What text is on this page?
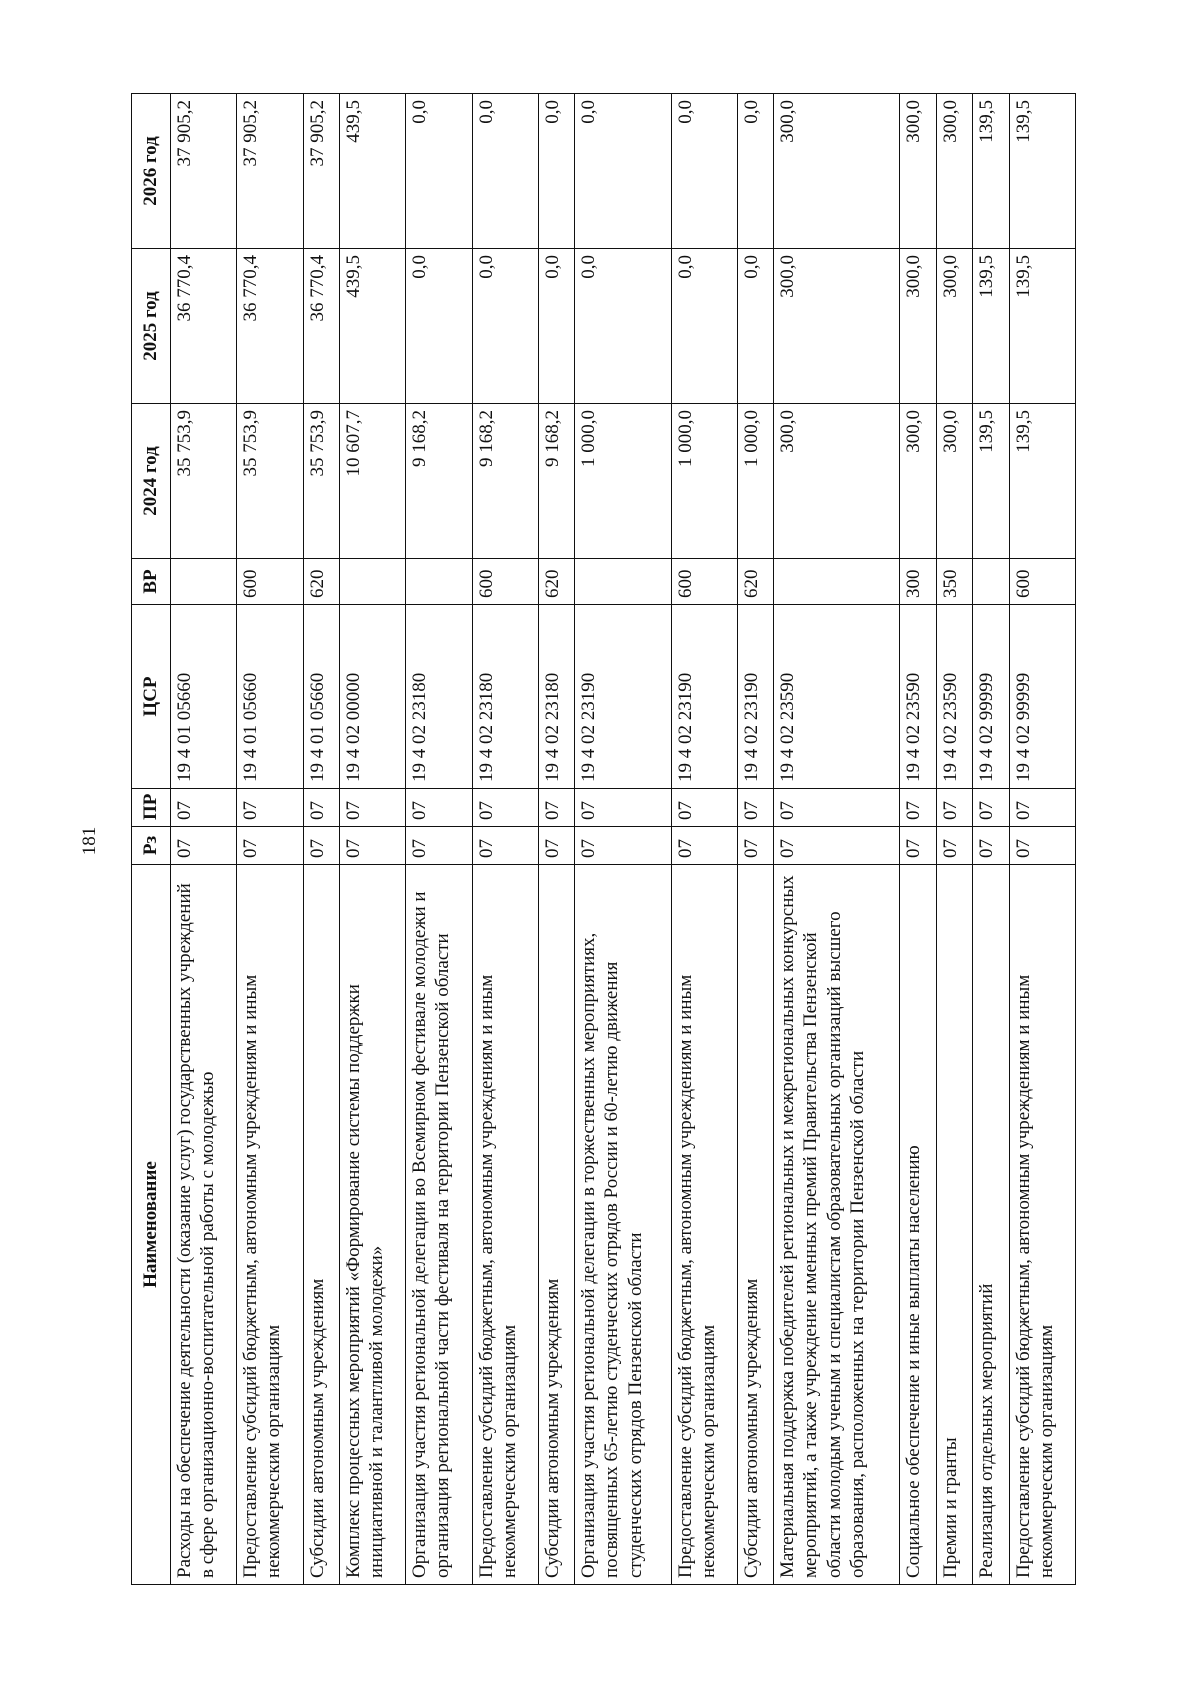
181
Наименование	Рз	ПР	ЦСР	ВР	2024 год	2025 год	2026 год
Расходы на обеспечение деятельности (оказание услуг) государственных учреждений в сфере организационно-воспитательной работы с молодежью	07	07	19 4 01 05660		35 753,9	36 770,4	37 905,2
Предоставление субсидий бюджетным, автономным учреждениям и иным некоммерческим организациям	07	07	19 4 01 05660	600	35 753,9	36 770,4	37 905,2
Субсидии автономным учреждениям	07	07	19 4 01 05660	620	35 753,9	36 770,4	37 905,2
Комплекс процессных мероприятий «Формирование системы поддержки инициативной и талантливой молодежи»	07	07	19 4 02 00000		10 607,7	439,5	439,5
Организация участия региональной делегации во Всемирном фестивале молодежи и организация региональной части фестиваля на территории Пензенской области	07	07	19 4 02 23180		9 168,2	0,0	0,0
Предоставление субсидий бюджетным, автономным учреждениям и иным некоммерческим организациям	07	07	19 4 02 23180	600	9 168,2	0,0	0,0
Субсидии автономным учреждениям	07	07	19 4 02 23180	620	9 168,2	0,0	0,0
Организация участия региональной делегации в торжественных мероприятиях, посвященных 65-летию студенческих отрядов России и 60-летию движения студенческих отрядов Пензенской области	07	07	19 4 02 23190		1 000,0	0,0	0,0
Предоставление субсидий бюджетным, автономным учреждениям и иным некоммерческим организациям	07	07	19 4 02 23190	600	1 000,0	0,0	0,0
Субсидии автономным учреждениям	07	07	19 4 02 23190	620	1 000,0	0,0	0,0
Материальная поддержка победителей региональных и межрегиональных конкурсных мероприятий, а также учреждение именных премий Правительства Пензенской области молодым ученым и специалистам образовательных организаций высшего образования, расположенных на территории Пензенской области	07	07	19 4 02 23590		300,0	300,0	300,0
Социальное обеспечение и иные выплаты населению	07	07	19 4 02 23590	300	300,0	300,0	300,0
Премии и гранты	07	07	19 4 02 23590	350	300,0	300,0	300,0
Реализация отдельных мероприятий	07	07	19 4 02 99999		139,5	139,5	139,5
Предоставление субсидий бюджетным, автономным учреждениям и иным некоммерческим организациям	07	07	19 4 02 99999	600	139,5	139,5	139,5
